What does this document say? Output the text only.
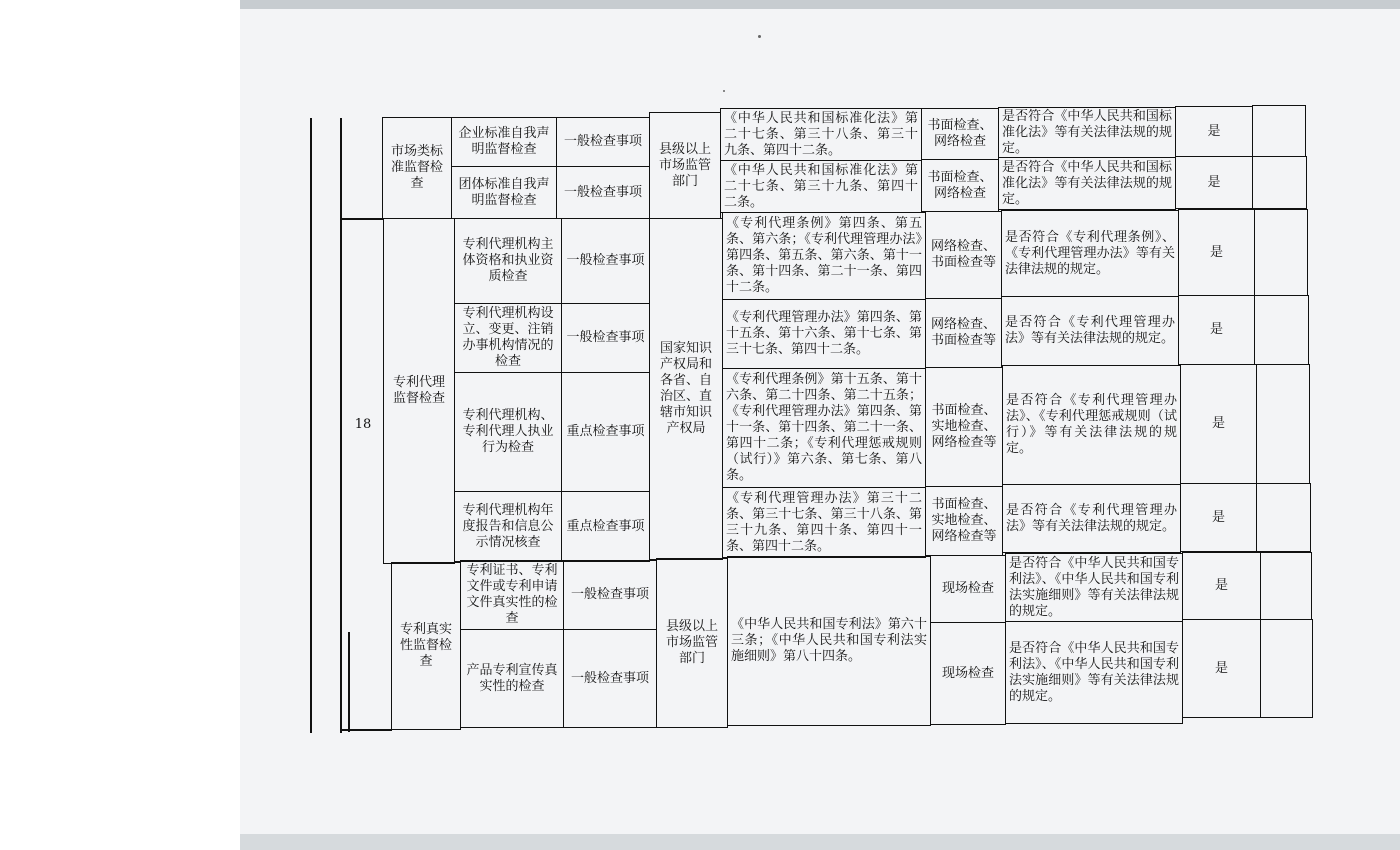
18
市场类标准监督检查
企业标准自我声明监督检查
一般检查事项	县级以上市场监管部门
《中华人民共和国标准化法》第二十七条、第三十八条、第三十九条、第四十二条。
书面检查、网络检查
是否符合《中华人民共和国标准化法》等有关法律法规的规定。
是
团体标准自我声明监督检查
一般检查事项
《中华人民共和国标准化法》第二十七条、第三十九条、第四十二条。
书面检查、网络检查
是否符合《中华人民共和国标准化法》等有关法律法规的规定。
是
专利代理监督检查
专利代理机构主体资格和执业资质检查
一般检查事项
国家知识产权局和各省、自治区、直辖市知识产权局
《专利代理条例》第四条、第五条、第六条；《专利代理管理办法》第四条、第五条、第六条、第十一条、第十四条、第二十一条、第四十二条。
网络检查、书面检查等
是否符合《专利代理条例》、《专利代理管理办法》等有关法律法规的规定。
是
专利代理机构设立、变更、注销办事机构情况的检查
一般检查事项
《专利代理管理办法》第四条、第十五条、第十六条、第十七条、第三十七条、第四十二条。
网络检查、书面检查等
是否符合《专利代理管理办法》等有关法律法规的规定。
是
专利代理机构、专利代理人执业行为检查
重点检查事项
《专利代理条例》第十五条、第十六条、第二十四条、第二十五条；《专利代理管理办法》第四条、第十一条、第十四条、第二十一条、第四十二条；《专利代理惩戒规则（试行）》第六条、第七条、第八条。
书面检查、实地检查、网络检查等
是否符合《专利代理管理办法》、《专利代理惩戒规则（试行）》等有关法律法规的规定。
是
专利代理机构年度报告和信息公示情况核查
重点检查事项
《专利代理管理办法》第三十二条、第三十七条、第三十八条、第三十九条、第四十条、第四十一条、第四十二条。
书面检查、实地检查、网络检查等
是否符合《专利代理管理办法》等有关法律法规的规定。
是
专利真实性监督检查
专利证书、专利文件或专利申请文件真实性的检查
一般检查事项
县级以上市场监管部门
《中华人民共和国专利法》第六十三条；《中华人民共和国专利法实施细则》第八十四条。
现场检查
是否符合《中华人民共和国专利法》、《中华人民共和国专利法实施细则》等有关法律法规的规定。
是
产品专利宣传真实性的检查
一般检查事项	现场检查
是否符合《中华人民共和国专利法》、《中华人民共和国专利法实施细则》等有关法律法规的规定。
是
